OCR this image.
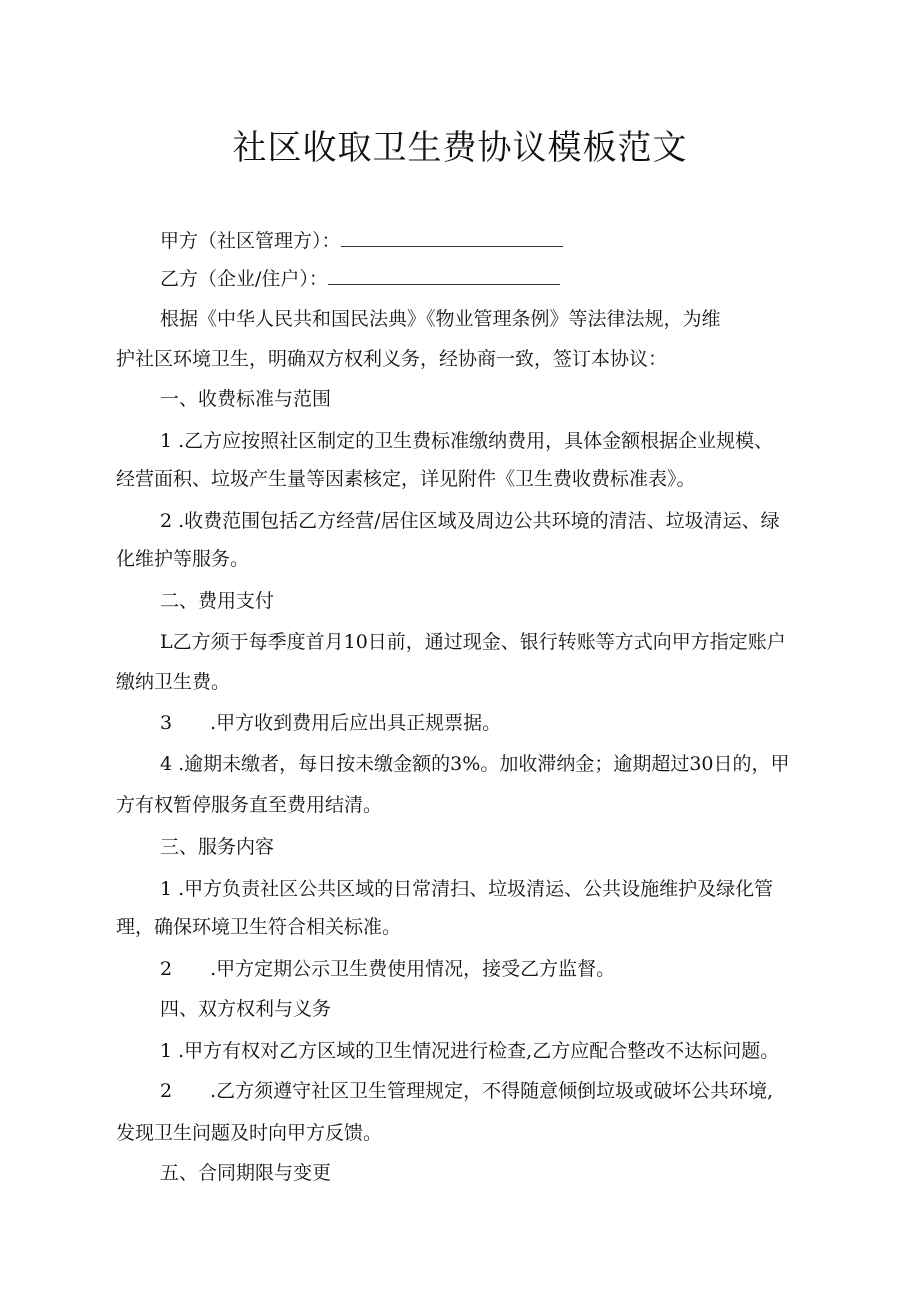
社区收取卫生费协议模板范文
甲方（社区管理方）：
乙方（企业/住户）：
根据《中华人民共和国民法典》《物业管理条例》等法律法规，为维
护社区环境卫生，明确双方权利义务，经协商一致，签订本协议：
一、收费标准与范围
1 .乙方应按照社区制定的卫生费标准缴纳费用，具体金额根据企业规模、
经营面积、垃圾产生量等因素核定，详见附件《卫生费收费标准表》。
2 .收费范围包括乙方经营/居住区域及周边公共环境的清洁、垃圾清运、绿
化维护等服务。
二、费用支付
L乙方须于每季度首月10日前，通过现金、银行转账等方式向甲方指定账户
缴纳卫生费。
3 .甲方收到费用后应出具正规票据。
4 .逾期未缴者，每日按未缴金额的3%。加收滞纳金；逾期超过30日的，甲
方有权暂停服务直至费用结清。
三、服务内容
1 .甲方负责社区公共区域的日常清扫、垃圾清运、公共设施维护及绿化管
理，确保环境卫生符合相关标准。
2 .甲方定期公示卫生费使用情况，接受乙方监督。
四、双方权利与义务
1 .甲方有权对乙方区域的卫生情况进行检查,乙方应配合整改不达标问题。
2 .乙方须遵守社区卫生管理规定，不得随意倾倒垃圾或破坏公共环境,
发现卫生问题及时向甲方反馈。
五、合同期限与变更
